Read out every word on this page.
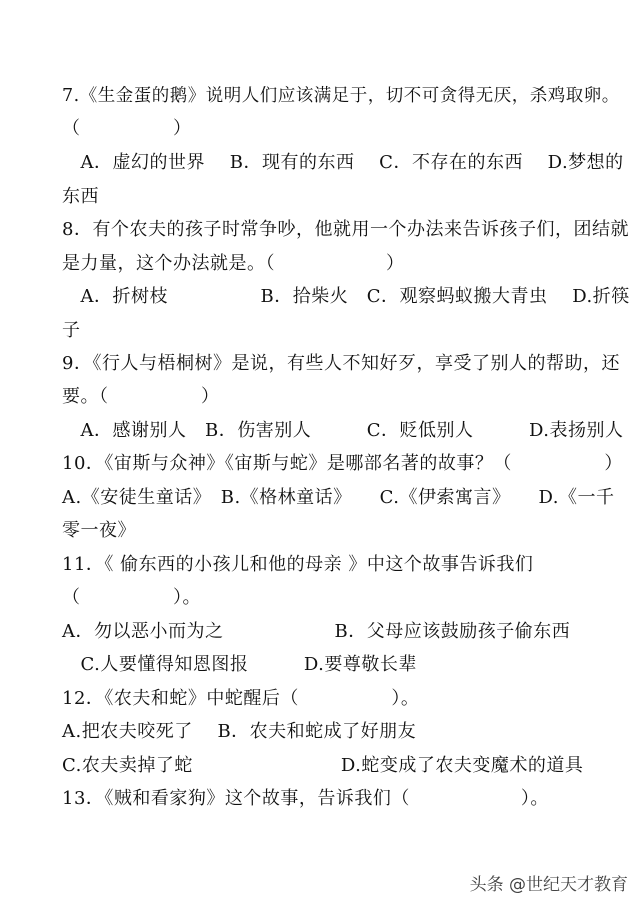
7.《生金蛋的鹅》说明人们应该满足于，切不可贪得无厌，杀鸡取卵。
（　　　　　）
　A．虚幻的世界　 B．现有的东西　 C．不存在的东西　 D.梦想的
东西
8．有个农夫的孩子时常争吵，他就用一个办法来告诉孩子们，团结就
是力量，这个办法就是。（　　　　　　）
　A．折树枝　　　　　B．拾柴火　C．观察蚂蚁搬大青虫　 D.折筷
子
9．《行人与梧桐树》是说，有些人不知好歹，享受了别人的帮助，还
要。（　　　　　）
　A．感谢别人　B．伤害别人　　　C．贬低别人　　　D.表扬别人
10．《宙斯与众神》《宙斯与蛇》是哪部名著的故事？（　　　　　）
A.《安徒生童话》　B.《格林童话》　　C.《伊索寓言》　　D.《一千
零一夜》
11．《 偷东西的小孩儿和他的母亲 》中这个故事告诉我们
（　　　　　）。
A．勿以恶小而为之　　　　　　B．父母应该鼓励孩子偷东西
　C.人要懂得知恩图报　　　D.要尊敬长辈
12．《农夫和蛇》中蛇醒后（　　　　　）。
A.把农夫咬死了　 B．农夫和蛇成了好朋友
C.农夫卖掉了蛇　　　　　　　　D.蛇变成了农夫变魔术的道具
13．《贼和看家狗》这个故事，告诉我们（　　　　　　）。
头条 @世纪天才教育
